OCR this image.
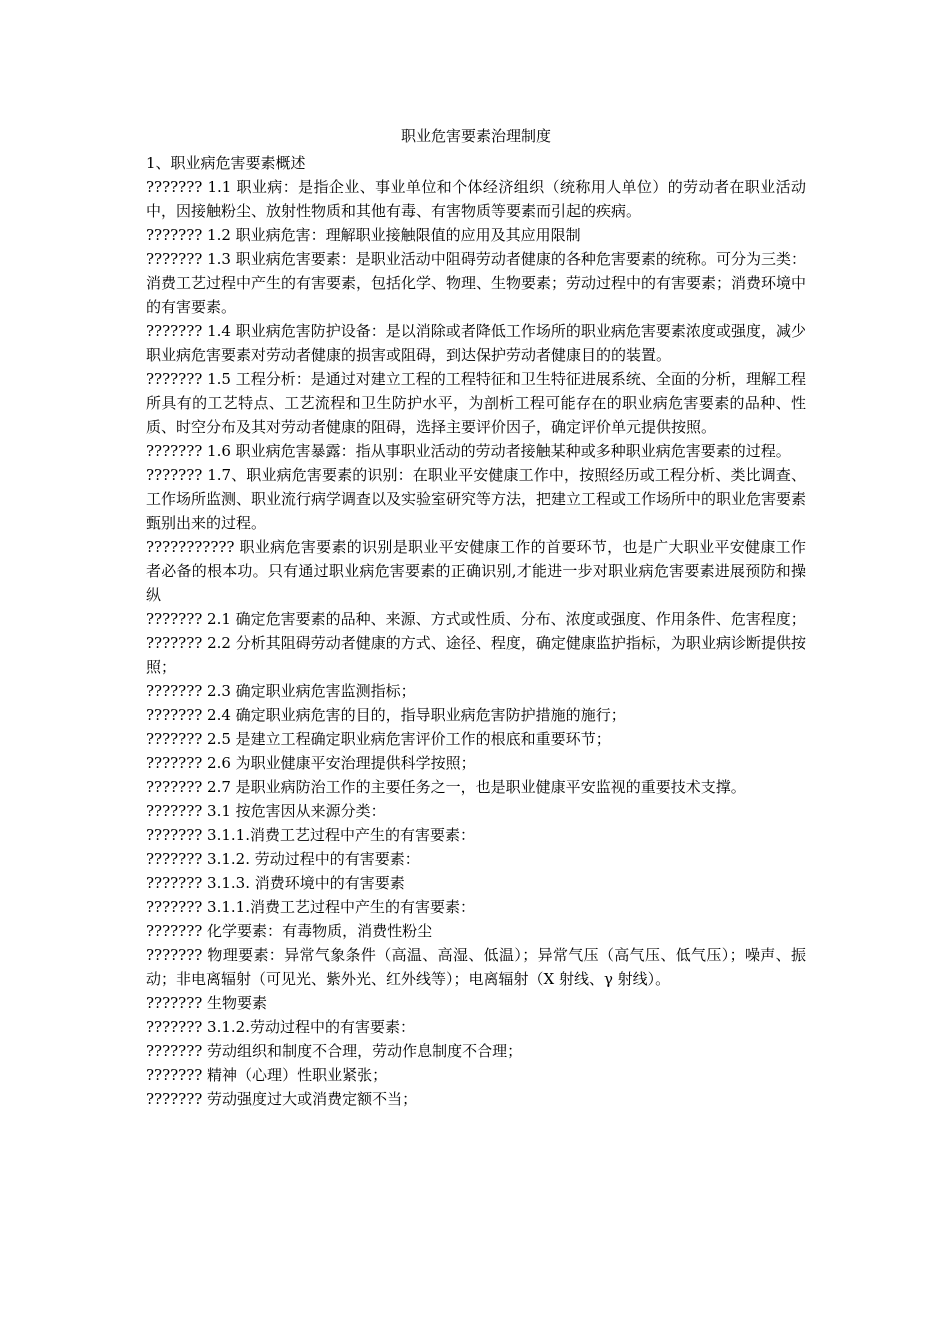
职业危害要素治理制度

1、职业病危害要素概述

??????? 1.1 职业病：是指企业、事业单位和个体经济组织（统称用人单位）的劳动者在职业活动中，因接触粉尘、放射性物质和其他有毒、有害物质等要素而引起的疾病。

??????? 1.2 职业病危害：理解职业接触限值的应用及其应用限制

??????? 1.3 职业病危害要素：是职业活动中阻碍劳动者健康的各种危害要素的统称。可分为三类：消费工艺过程中产生的有害要素，包括化学、物理、生物要素；劳动过程中的有害要素；消费环境中的有害要素。

??????? 1.4 职业病危害防护设备：是以消除或者降低工作场所的职业病危害要素浓度或强度，减少职业病危害要素对劳动者健康的损害或阻碍，到达保护劳动者健康目的的装置。

??????? 1.5 工程分析：是通过对建立工程的工程特征和卫生特征进展系统、全面的分析，理解工程所具有的工艺特点、工艺流程和卫生防护水平，为剖析工程可能存在的职业病危害要素的品种、性质、时空分布及其对劳动者健康的阻碍，选择主要评价因子，确定评价单元提供按照。

??????? 1.6 职业病危害暴露：指从事职业活动的劳动者接触某种或多种职业病危害要素的过程。

??????? 1.7、职业病危害要素的识别：在职业平安健康工作中，按照经历或工程分析、类比调查、工作场所监测、职业流行病学调查以及实验室研究等方法，把建立工程或工作场所中的职业危害要素甄别出来的过程。

??????????? 职业病危害要素的识别是职业平安健康工作的首要环节，也是广大职业平安健康工作者必备的根本功。只有通过职业病危害要素的正确识别,才能进一步对职业病危害要素进展预防和操纵

??????? 2.1 确定危害要素的品种、来源、方式或性质、分布、浓度或强度、作用条件、危害程度；

??????? 2.2 分析其阻碍劳动者健康的方式、途径、程度，确定健康监护指标，为职业病诊断提供按照；

??????? 2.3 确定职业病危害监测指标；

??????? 2.4 确定职业病危害的目的，指导职业病危害防护措施的施行；

??????? 2.5 是建立工程确定职业病危害评价工作的根底和重要环节；

??????? 2.6 为职业健康平安治理提供科学按照；

??????? 2.7 是职业病防治工作的主要任务之一，也是职业健康平安监视的重要技术支撑。

??????? 3.1 按危害因从来源分类：

??????? 3.1.1.消费工艺过程中产生的有害要素：

??????? 3.1.2. 劳动过程中的有害要素：

??????? 3.1.3. 消费环境中的有害要素

??????? 3.1.1.消费工艺过程中产生的有害要素：

??????? 化学要素：有毒物质，消费性粉尘

??????? 物理要素：异常气象条件（高温、高湿、低温）；异常气压（高气压、低气压）；噪声、振动；非电离辐射（可见光、紫外光、红外线等）；电离辐射（X 射线、γ 射线）。

??????? 生物要素

??????? 3.1.2.劳动过程中的有害要素：

??????? 劳动组织和制度不合理，劳动作息制度不合理；

??????? 精神（心理）性职业紧张；

??????? 劳动强度过大或消费定额不当；
